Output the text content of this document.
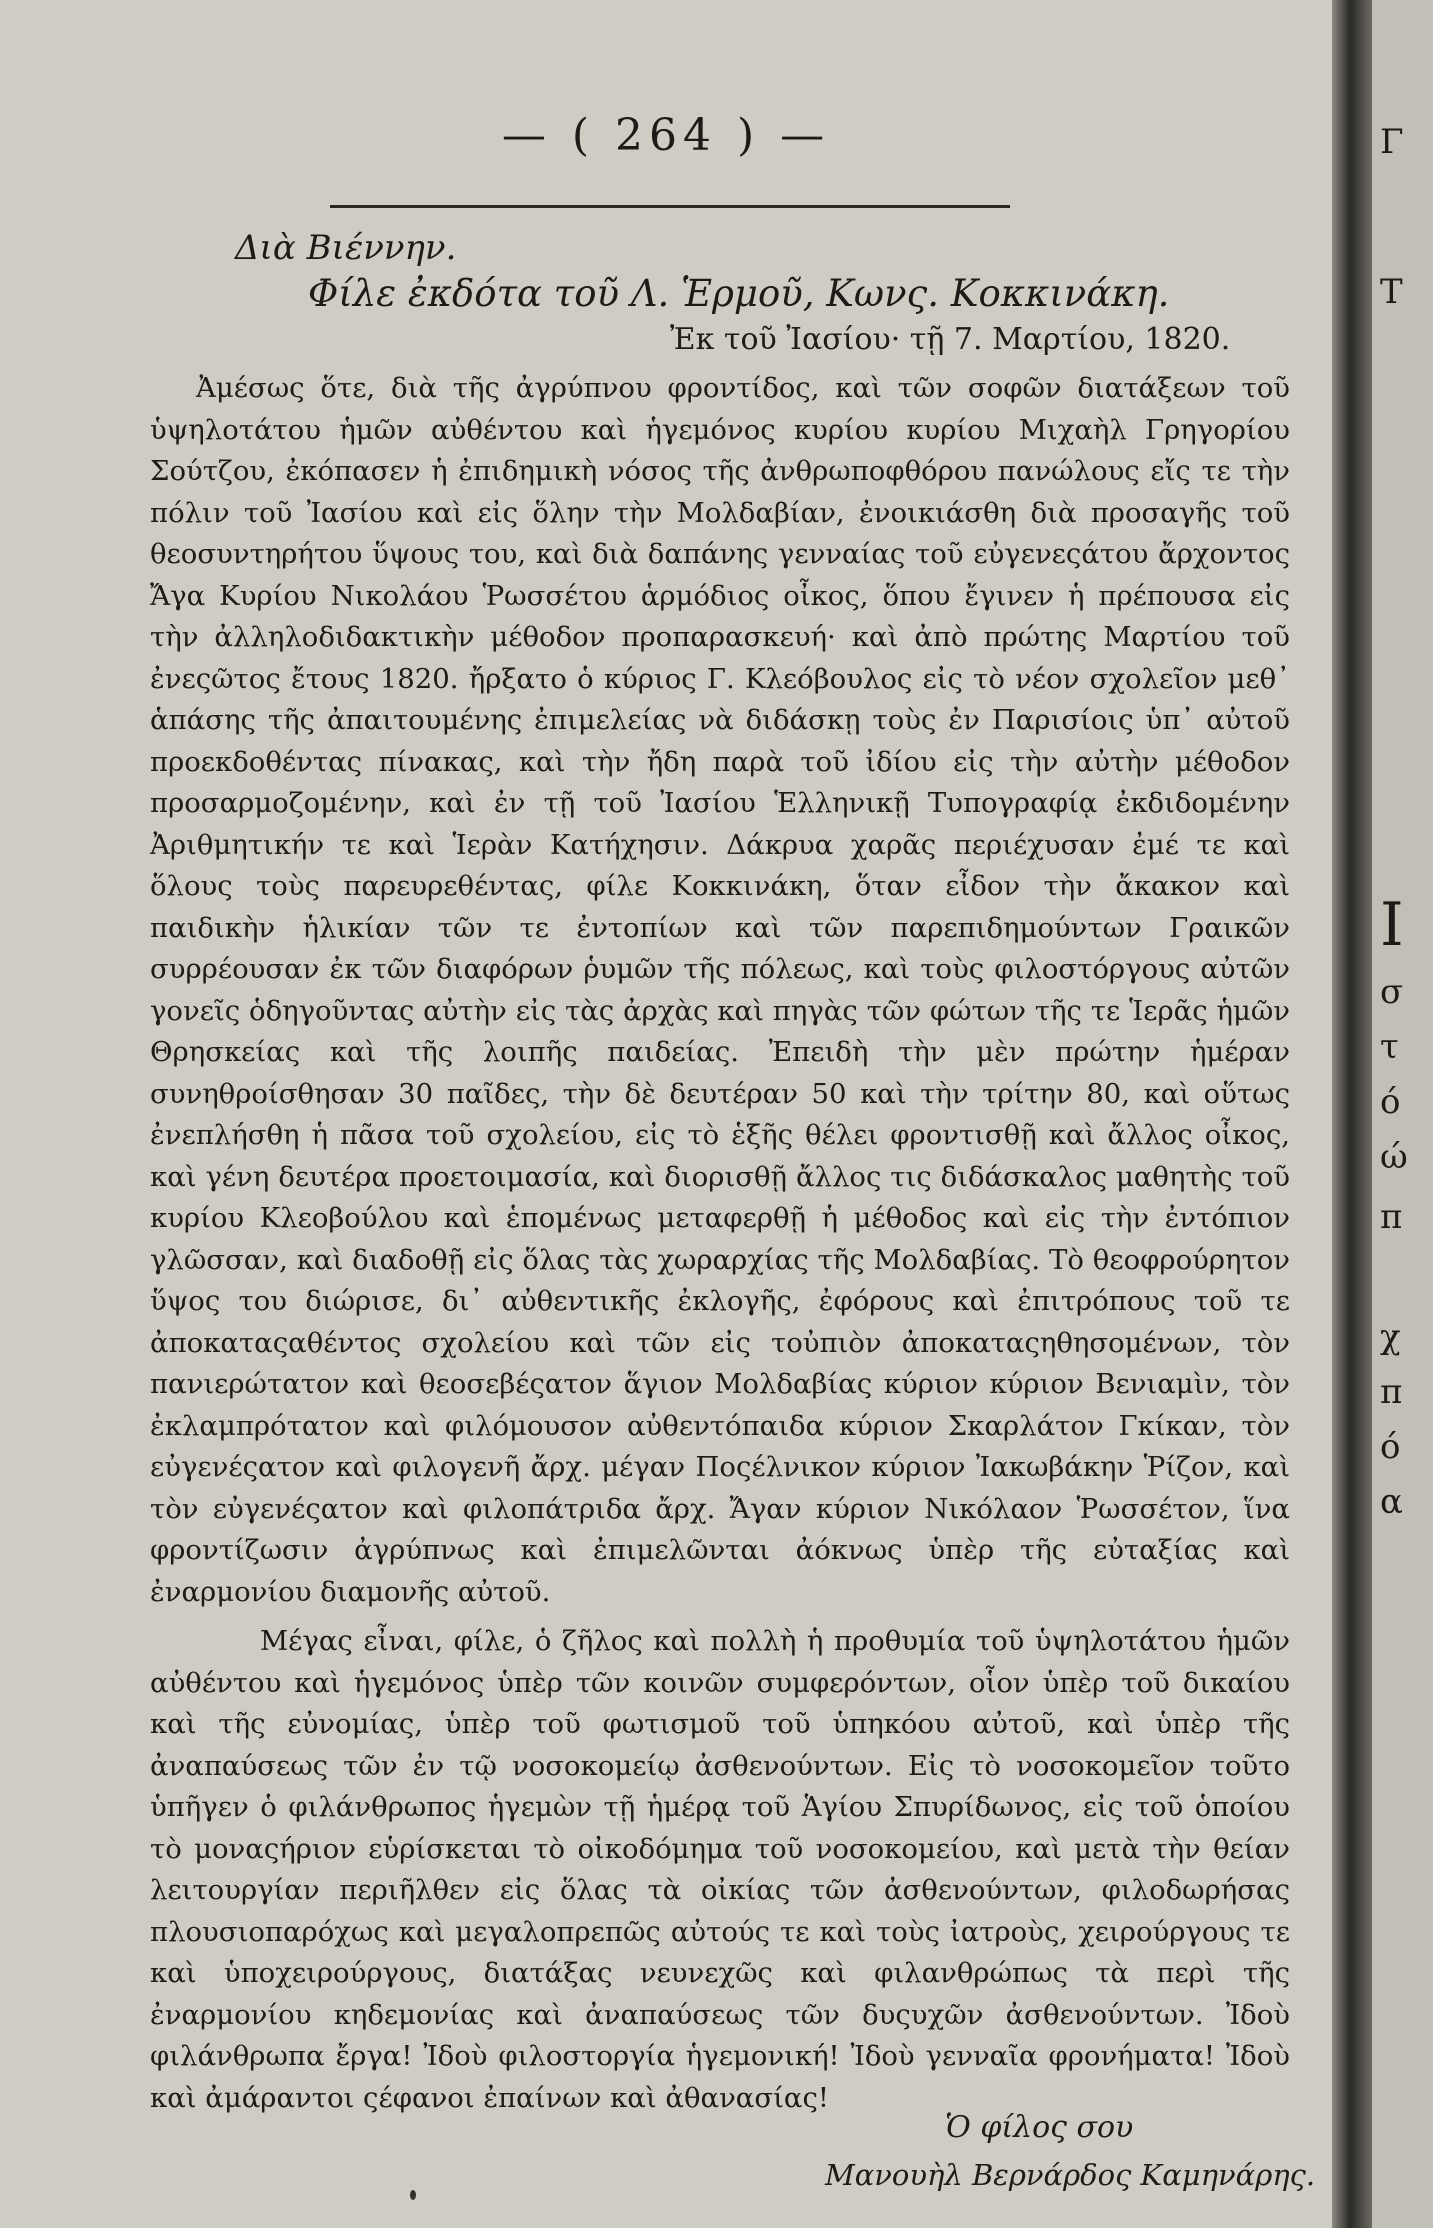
— ( 264 ) —
Διὰ Βιέννην.
Φίλε ἐκδότα τοῦ Λ. Ἑρμοῦ, Κωνς. Κοκκινάκη.
Ἐκ τοῦ Ἰασίου· τῇ 7. Μαρτίου, 1820.

Ἀμέσως ὅτε, διὰ τῆς ἀγρύπνου φροντίδος, καὶ τῶν σοφῶν διατάξεων τοῦ ὑψηλοτάτου ἡμῶν αὐθέντου καὶ ἡγεμόνος κυρίου κυρίου Μιχαὴλ Γρηγορίου Σούτζου, ἐκόπασεν ἡ ἐπιδημικὴ νόσος τῆς ἀνθρωποφθόρου πανώλους εἴς τε τὴν πόλιν τοῦ Ἰασίου καὶ εἰς ὅλην τὴν Μολδαβίαν, ἐνοικιάσθη διὰ προσαγῆς τοῦ θεοσυντηρήτου ὕψους του, καὶ διὰ δαπάνης γενναίας τοῦ εὐγενεςάτου ἄρχοντος Ἄγα Κυρίου Νικολάου Ῥωσσέτου ἁρμόδιος οἶκος, ὅπου ἔγινεν ἡ πρέπουσα εἰς τὴν ἀλληλοδιδακτικὴν μέθοδον προπαρασκευή· καὶ ἀπὸ πρώτης Μαρτίου τοῦ ἐνεςῶτος ἔτους 1820. ἤρξατο ὁ κύριος Γ. Κλεόβουλος εἰς τὸ νέον σχολεῖον μεθ᾽ ἁπάσης τῆς ἀπαιτουμένης ἐπιμελείας νὰ διδάσκῃ τοὺς ἐν Παρισίοις ὑπ᾽ αὐτοῦ προεκδοθέντας πίνακας, καὶ τὴν ἤδη παρὰ τοῦ ἰδίου εἰς τὴν αὐτὴν μέθοδον προσαρμοζομένην, καὶ ἐν τῇ τοῦ Ἰασίου Ἑλληνικῇ Τυπογραφίᾳ ἐκδιδομένην Ἀριθμητικήν τε καὶ Ἱερὰν Κατήχησιν. Δάκρυα χαρᾶς περιέχυσαν ἐμέ τε καὶ ὅλους τοὺς παρευρεθέντας, φίλε Κοκκινάκη, ὅταν εἶδον τὴν ἄκακον καὶ παιδικὴν ἡλικίαν τῶν τε ἐντοπίων καὶ τῶν παρεπιδημούντων Γραικῶν συρρέουσαν ἐκ τῶν διαφόρων ῥυμῶν τῆς πόλεως, καὶ τοὺς φιλοστόργους αὐτῶν γονεῖς ὁδηγοῦντας αὐτὴν εἰς τὰς ἀρχὰς καὶ πηγὰς τῶν φώτων τῆς τε Ἱερᾶς ἡμῶν Θρησκείας καὶ τῆς λοιπῆς παιδείας. Ἐπειδὴ τὴν μὲν πρώτην ἡμέραν συνηθροίσθησαν 30 παῖδες, τὴν δὲ δευτέραν 50 καὶ τὴν τρίτην 80, καὶ οὕτως ἐνεπλήσθη ἡ πᾶσα τοῦ σχολείου, εἰς τὸ ἑξῆς θέλει φροντισθῇ καὶ ἄλλος οἶκος, καὶ γένη δευτέρα προετοιμασία, καὶ διορισθῇ ἄλλος τις διδάσκαλος μαθητὴς τοῦ κυρίου Κλεοβούλου καὶ ἑπομένως μεταφερθῇ ἡ μέθοδος καὶ εἰς τὴν ἐντόπιον γλῶσσαν, καὶ διαδοθῇ εἰς ὅλας τὰς χωραρχίας τῆς Μολδαβίας. Τὸ θεοφρούρητον ὕψος του διώρισε, δι᾽ αὐθεντικῆς ἐκλογῆς, ἐφόρους καὶ ἐπιτρόπους τοῦ τε ἀποκαταςαθέντος σχολείου καὶ τῶν εἰς τοὐπιὸν ἀποκαταςηθησομένων, τὸν πανιερώτατον καὶ θεοσεβέςατον ἅγιον Μολδαβίας κύριον κύριον Βενιαμὶν, τὸν ἐκλαμπρότατον καὶ φιλόμουσον αὐθεντόπαιδα κύριον Σκαρλάτον Γκίκαν, τὸν εὐγενέςατον καὶ φιλογενῆ ἄρχ. μέγαν Ποςέλνικον κύριον Ἰακωβάκην Ῥίζον, καὶ τὸν εὐγενέςατον καὶ φιλοπάτριδα ἄρχ. Ἄγαν κύριον Νικόλαον Ῥωσσέτον, ἵνα φροντίζωσιν ἀγρύπνως καὶ ἐπιμελῶνται ἀόκνως ὑπὲρ τῆς εὐταξίας καὶ ἐναρμονίου διαμονῆς αὐτοῦ.

Μέγας εἶναι, φίλε, ὁ ζῆλος καὶ πολλὴ ἡ προθυμία τοῦ ὑψηλοτάτου ἡμῶν αὐθέντου καὶ ἡγεμόνος ὑπὲρ τῶν κοινῶν συμφερόντων, οἷον ὑπὲρ τοῦ δικαίου καὶ τῆς εὐνομίας, ὑπὲρ τοῦ φωτισμοῦ τοῦ ὑπηκόου αὐτοῦ, καὶ ὑπὲρ τῆς ἀναπαύσεως τῶν ἐν τῷ νοσοκομείῳ ἀσθενούντων. Εἰς τὸ νοσοκομεῖον τοῦτο ὑπῆγεν ὁ φιλάνθρωπος ἡγεμὼν τῇ ἡμέρᾳ τοῦ Ἁγίου Σπυρίδωνος, εἰς τοῦ ὁποίου τὸ μοναςήριον εὑρίσκεται τὸ οἰκοδόμημα τοῦ νοσοκομείου, καὶ μετὰ τὴν θείαν λειτουργίαν περιῆλθεν εἰς ὅλας τὰ οἰκίας τῶν ἀσθενούντων, φιλοδωρήσας πλουσιοπαρόχως καὶ μεγαλοπρεπῶς αὐτούς τε καὶ τοὺς ἰατροὺς, χειρούργους τε καὶ ὑποχειρούργους, διατάξας νευνεχῶς καὶ φιλανθρώπως τὰ περὶ τῆς ἐναρμονίου κηδεμονίας καὶ ἀναπαύσεως τῶν δυςυχῶν ἀσθενούντων. Ἰδοὺ φιλάνθρωπα ἔργα! Ἰδοὺ φιλοστοργία ἡγεμονική! Ἰδοὺ γενναῖα φρονήματα! Ἰδοὺ καὶ ἀμάραντοι ςέφανοι ἐπαίνων καὶ ἀθανασίας!

Ὁ φίλος σου
Μανουὴλ Βερνάρδος Καμηνάρης.
Γ
Τ
Ι
σ
τ
ό
ώ
π
χ
π
ό
α
